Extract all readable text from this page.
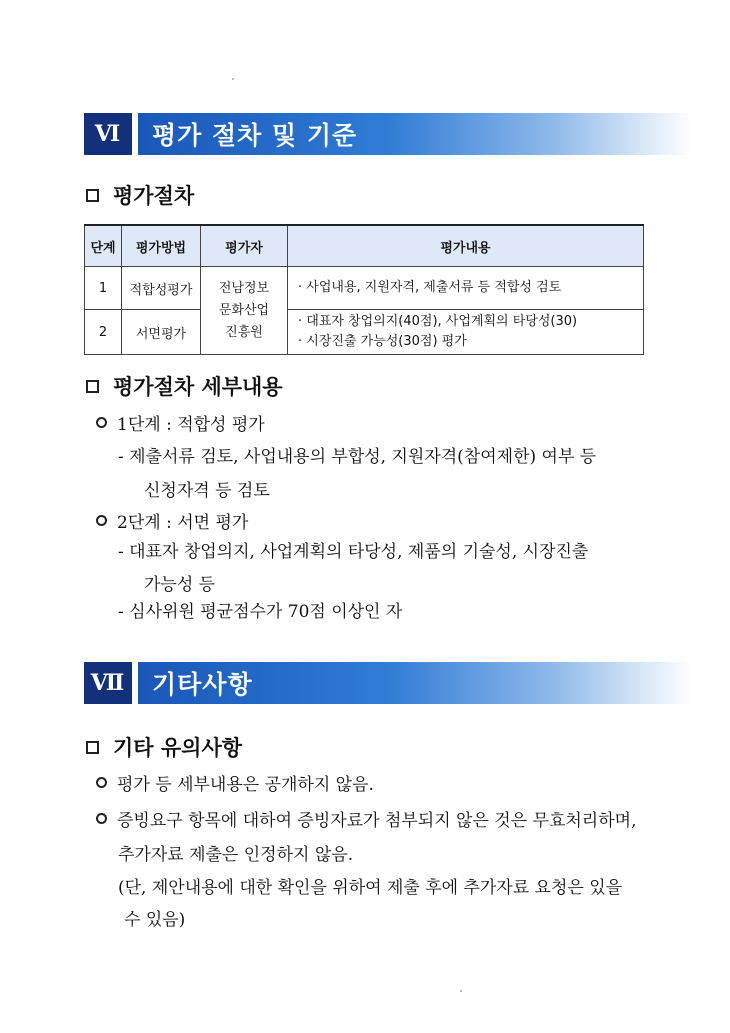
Ⅵ	평가 절차 및 기준
평가절차
단계	평가방법	평가자	평가내용
1	적합성평가	전남정보
문화산업
진흥원	· 사업내용, 지원자격, 제출서류 등 적합성 검토
2	서면평가		· 대표자 창업의지(40점), 사업계획의 타당성(30)
· 시장진출 가능성(30점) 평가
평가절차 세부내용
1단계 : 적합성 평가
- 제출서류 검토, 사업내용의 부합성, 지원자격(참여제한) 여부 등
신청자격 등 검토
2단계 : 서면 평가
- 대표자 창업의지, 사업계획의 타당성, 제품의 기술성, 시장진출
가능성 등
- 심사위원 평균점수가 70점 이상인 자
Ⅶ	기타사항
기타 유의사항
평가 등 세부내용은 공개하지 않음.
증빙요구 항목에 대하여 증빙자료가 첨부되지 않은 것은 무효처리하며,
추가자료 제출은 인정하지 않음.
(단, 제안내용에 대한 확인을 위하여 제출 후에 추가자료 요청은 있을
수 있음)
